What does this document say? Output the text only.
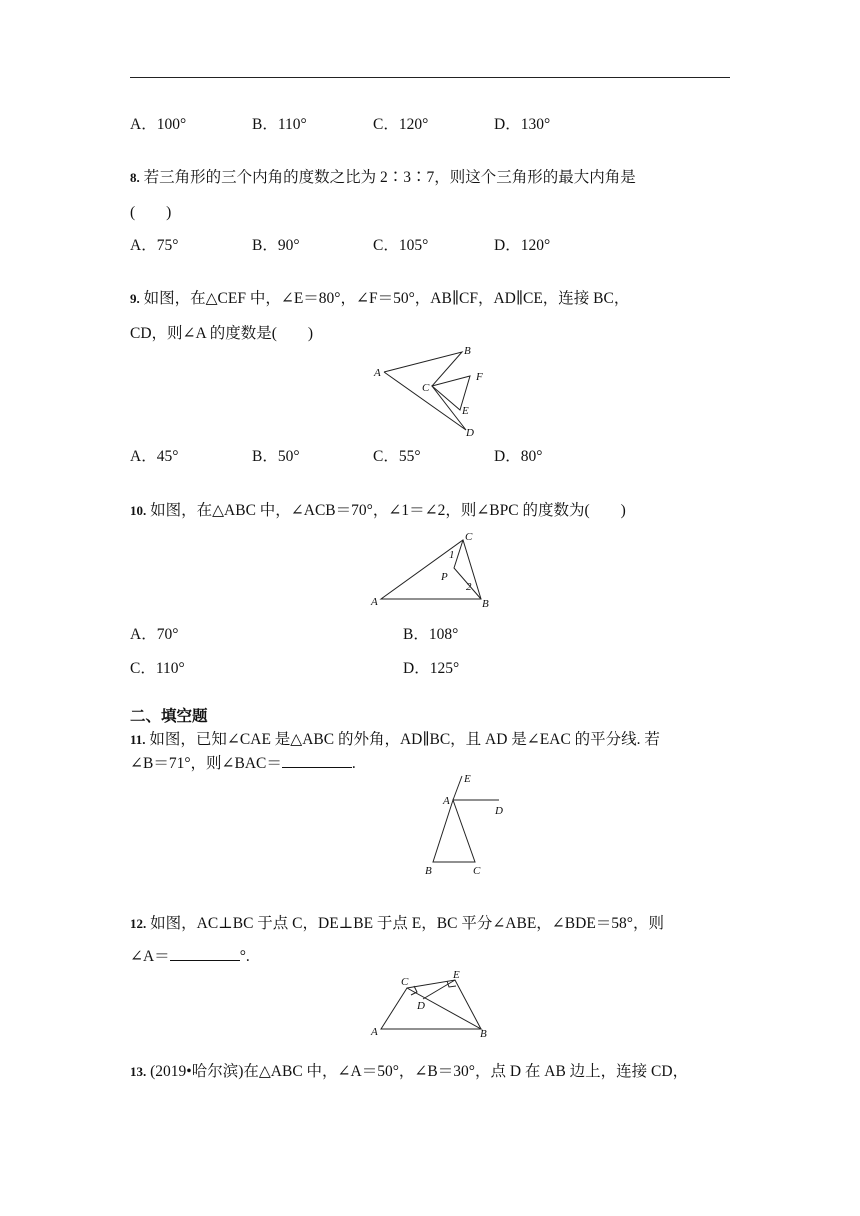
A．100°	B．110°	C．120°	D．130°
8. 若三角形的三个内角的度数之比为 2∶3∶7，则这个三角形的最大内角是
(　　)
A．75°	B．90°	C．105°	D．120°
9. 如图，在△CEF 中，∠E＝80°，∠F＝50°，AB∥CF，AD∥CE，连接 BC，
CD，则∠A 的度数是(　　)
A
B
C
F
E
D
A．45°	B．50°	C．55°	D．80°
10. 如图，在△ABC 中，∠ACB＝70°，∠1＝∠2，则∠BPC 的度数为(　　)
C
1
P
2
A	B
A．70°	B．108°
C．110°	D．125°
二、填空题
11. 如图，已知∠CAE 是△ABC 的外角，AD∥BC，且 AD 是∠EAC 的平分线. 若
∠B＝71°，则∠BAC＝	.
E
A
D
B	C
12. 如图，AC⊥BC 于点 C，DE⊥BE 于点 E，BC 平分∠ABE，∠BDE＝58°，则
∠A＝	°.
C
E
D
A	B
13. (2019•哈尔滨)在△ABC 中，∠A＝50°，∠B＝30°，点 D 在 AB 边上，连接 CD，
